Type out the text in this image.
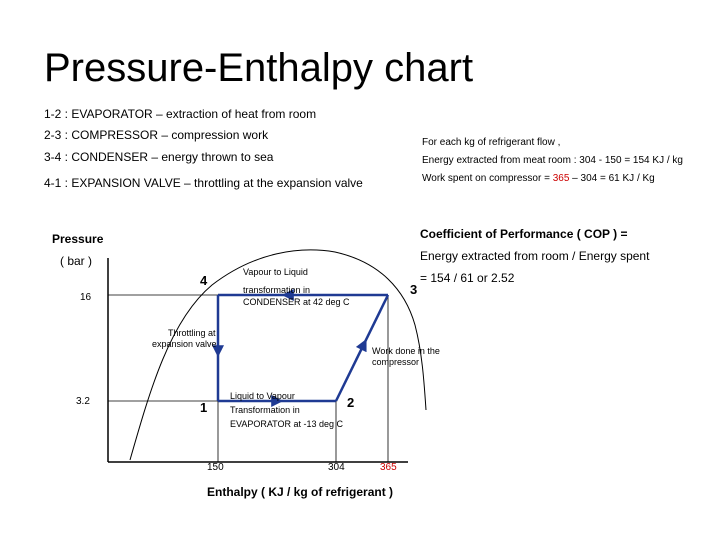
Pressure-Enthalpy chart
1-2 : EVAPORATOR – extraction of heat from room
2-3 : COMPRESSOR – compression work
3-4 : CONDENSER – energy thrown to sea
4-1 : EXPANSION VALVE – throttling at the expansion valve
For each kg of refrigerant flow ,
Energy extracted from meat room : 304 - 150 = 154 KJ / kg
Work spent on compressor = 365 – 304 = 61 KJ / Kg
Coefficient of Performance ( COP ) =
Energy extracted from room / Energy spent
= 154 / 61 or 2.52
Pressure
( bar )
Enthalpy ( KJ / kg of refrigerant )
16
3.2
150	304	365
1	2
3
4
Vapour to Liquid
transformation in
CONDENSER at 42 deg C
Throttling at
expansion valve
Work done in the
compressor
Liquid to Vapour
Transformation in
EVAPORATOR at -13 deg C
